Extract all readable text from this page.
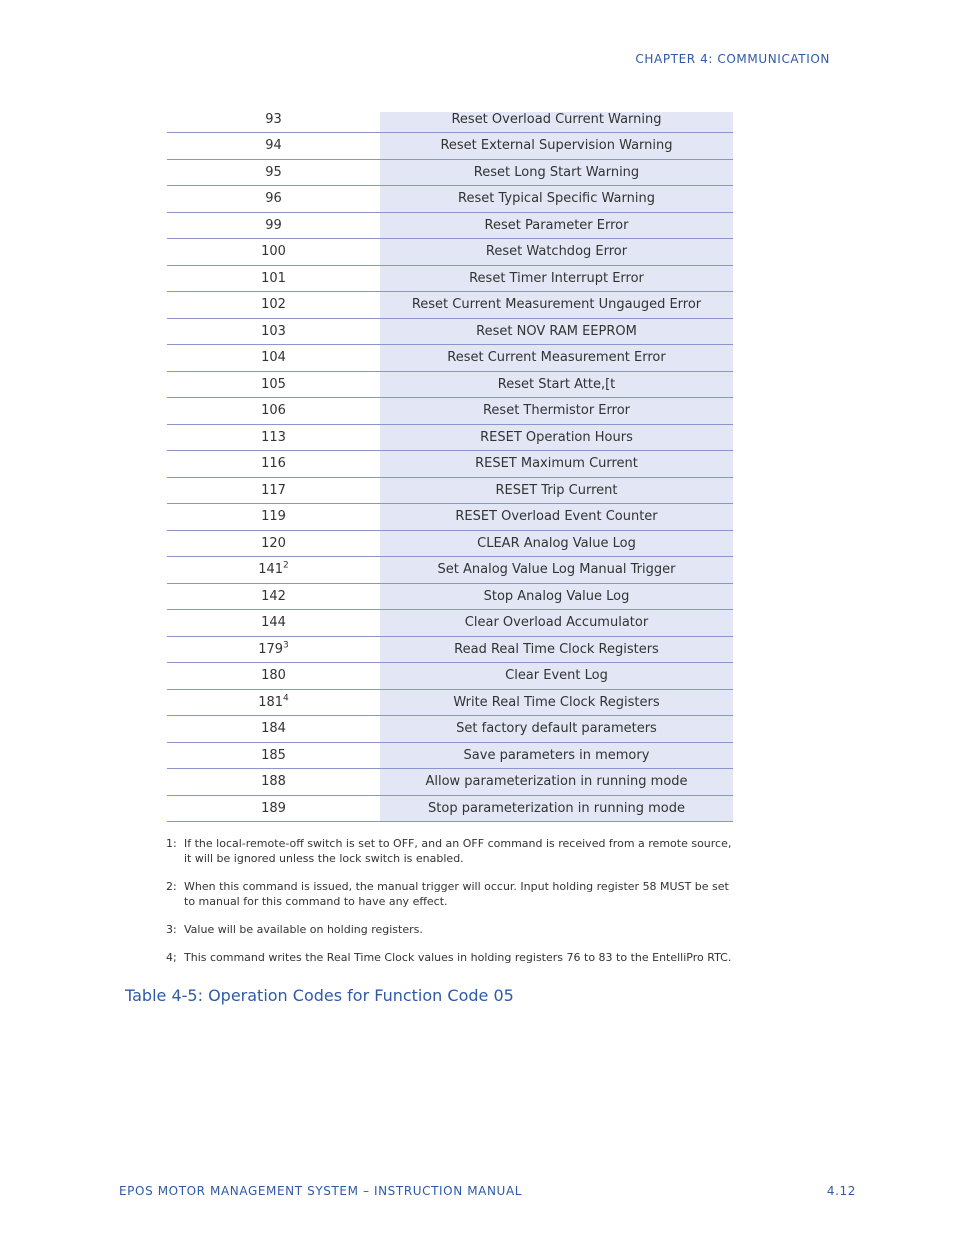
CHAPTER 4: COMMUNICATION
93	Reset Overload Current Warning
94	Reset External Supervision Warning
95	Reset Long Start Warning
96	Reset Typical Specific Warning
99	Reset Parameter Error
100	Reset Watchdog Error
101	Reset Timer Interrupt Error
102	Reset Current Measurement Ungauged Error
103	Reset NOV RAM EEPROM
104	Reset Current Measurement Error
105	Reset Start Atte,[t
106	Reset Thermistor Error
113	RESET Operation Hours
116	RESET Maximum Current
117	RESET Trip Current
119	RESET Overload Event Counter
120	CLEAR Analog Value Log
$141^2$	Set Analog Value Log Manual Trigger
142	Stop Analog Value Log
144	Clear Overload Accumulator
$179^3$	Read Real Time Clock Registers
180	Clear Event Log
$181^4$	Write Real Time Clock Registers
184	Set factory default parameters
185	Save parameters in memory
188	Allow parameterization in running mode
189	Stop parameterization in running mode
1: If the local-remote-off switch is set to OFF, and an OFF command is received from a remote source, it will be ignored unless the lock switch is enabled.
2: When this command is issued, the manual trigger will occur. Input holding register 58 MUST be set to manual for this command to have any effect.
3: Value will be available on holding registers.
4; This command writes the Real Time Clock values in holding registers 76 to 83 to the EntelliPro RTC.
Table 4-5: Operation Codes for Function Code 05
EPOS MOTOR MANAGEMENT SYSTEM – INSTRUCTION MANUAL	4.12
